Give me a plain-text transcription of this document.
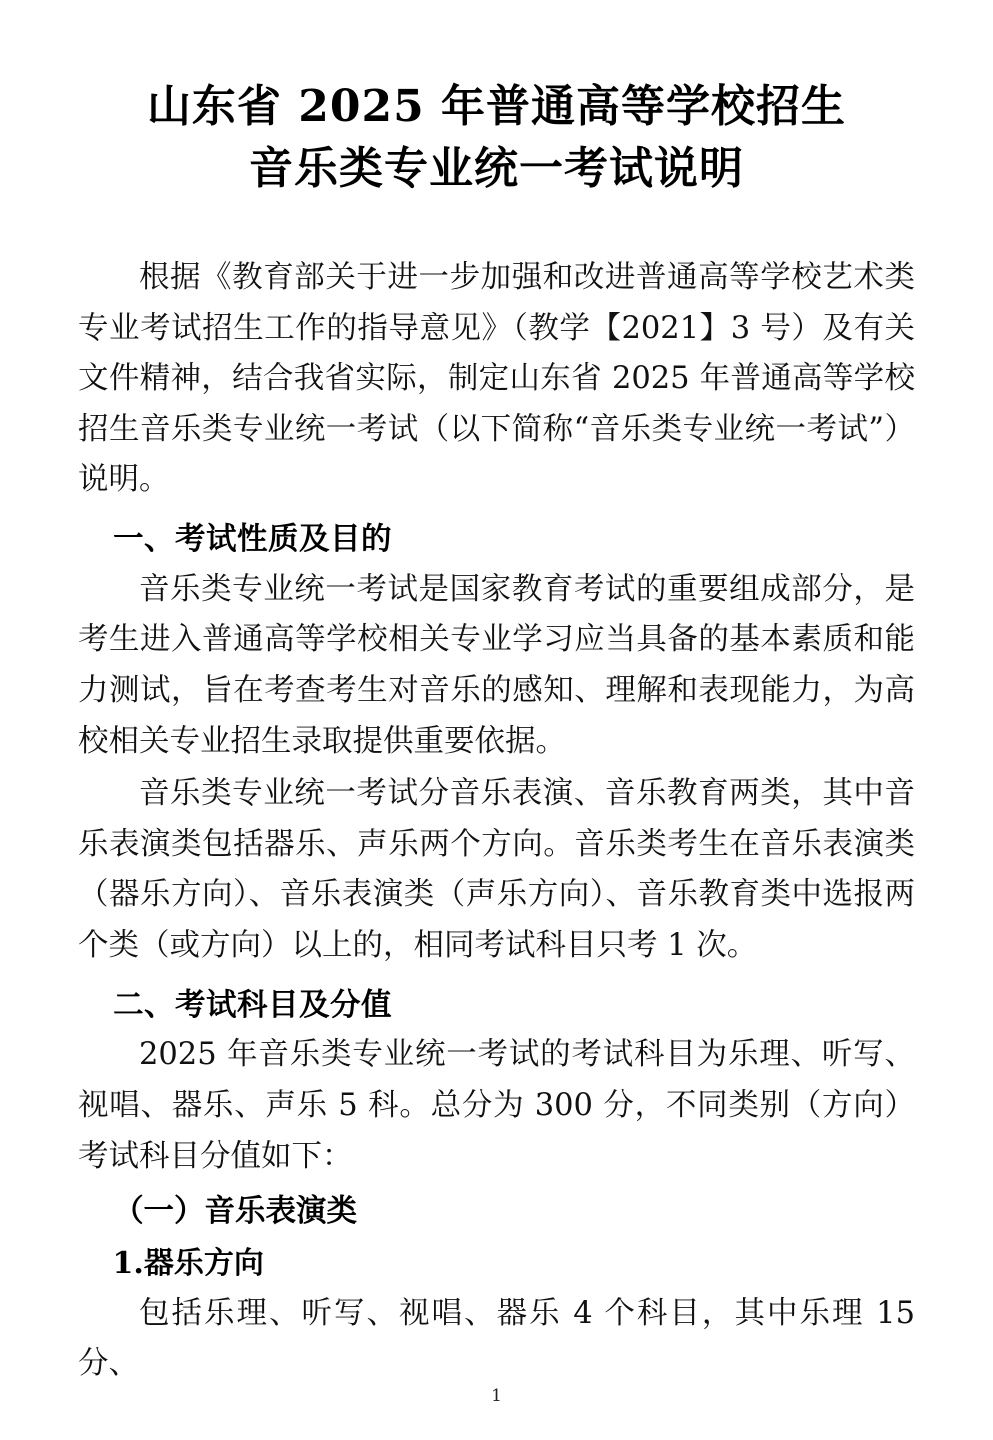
山东省 2025 年普通高等学校招生
音乐类专业统一考试说明

根据《教育部关于进一步加强和改进普通高等学校艺术类专业考试招生工作的指导意见》（教学【2021】3 号）及有关文件精神，结合我省实际，制定山东省 2025 年普通高等学校招生音乐类专业统一考试（以下简称“音乐类专业统一考试”）说明。

一、考试性质及目的

音乐类专业统一考试是国家教育考试的重要组成部分，是考生进入普通高等学校相关专业学习应当具备的基本素质和能力测试，旨在考查考生对音乐的感知、理解和表现能力，为高校相关专业招生录取提供重要依据。

音乐类专业统一考试分音乐表演、音乐教育两类，其中音乐表演类包括器乐、声乐两个方向。音乐类考生在音乐表演类（器乐方向）、音乐表演类（声乐方向）、音乐教育类中选报两个类（或方向）以上的，相同考试科目只考 1 次。

二、考试科目及分值

2025 年音乐类专业统一考试的考试科目为乐理、听写、视唱、器乐、声乐 5 科。总分为 300 分，不同类别（方向）考试科目分值如下：

（一）音乐表演类
1.器乐方向

包括乐理、听写、视唱、器乐 4 个科目，其中乐理 15 分、

1
